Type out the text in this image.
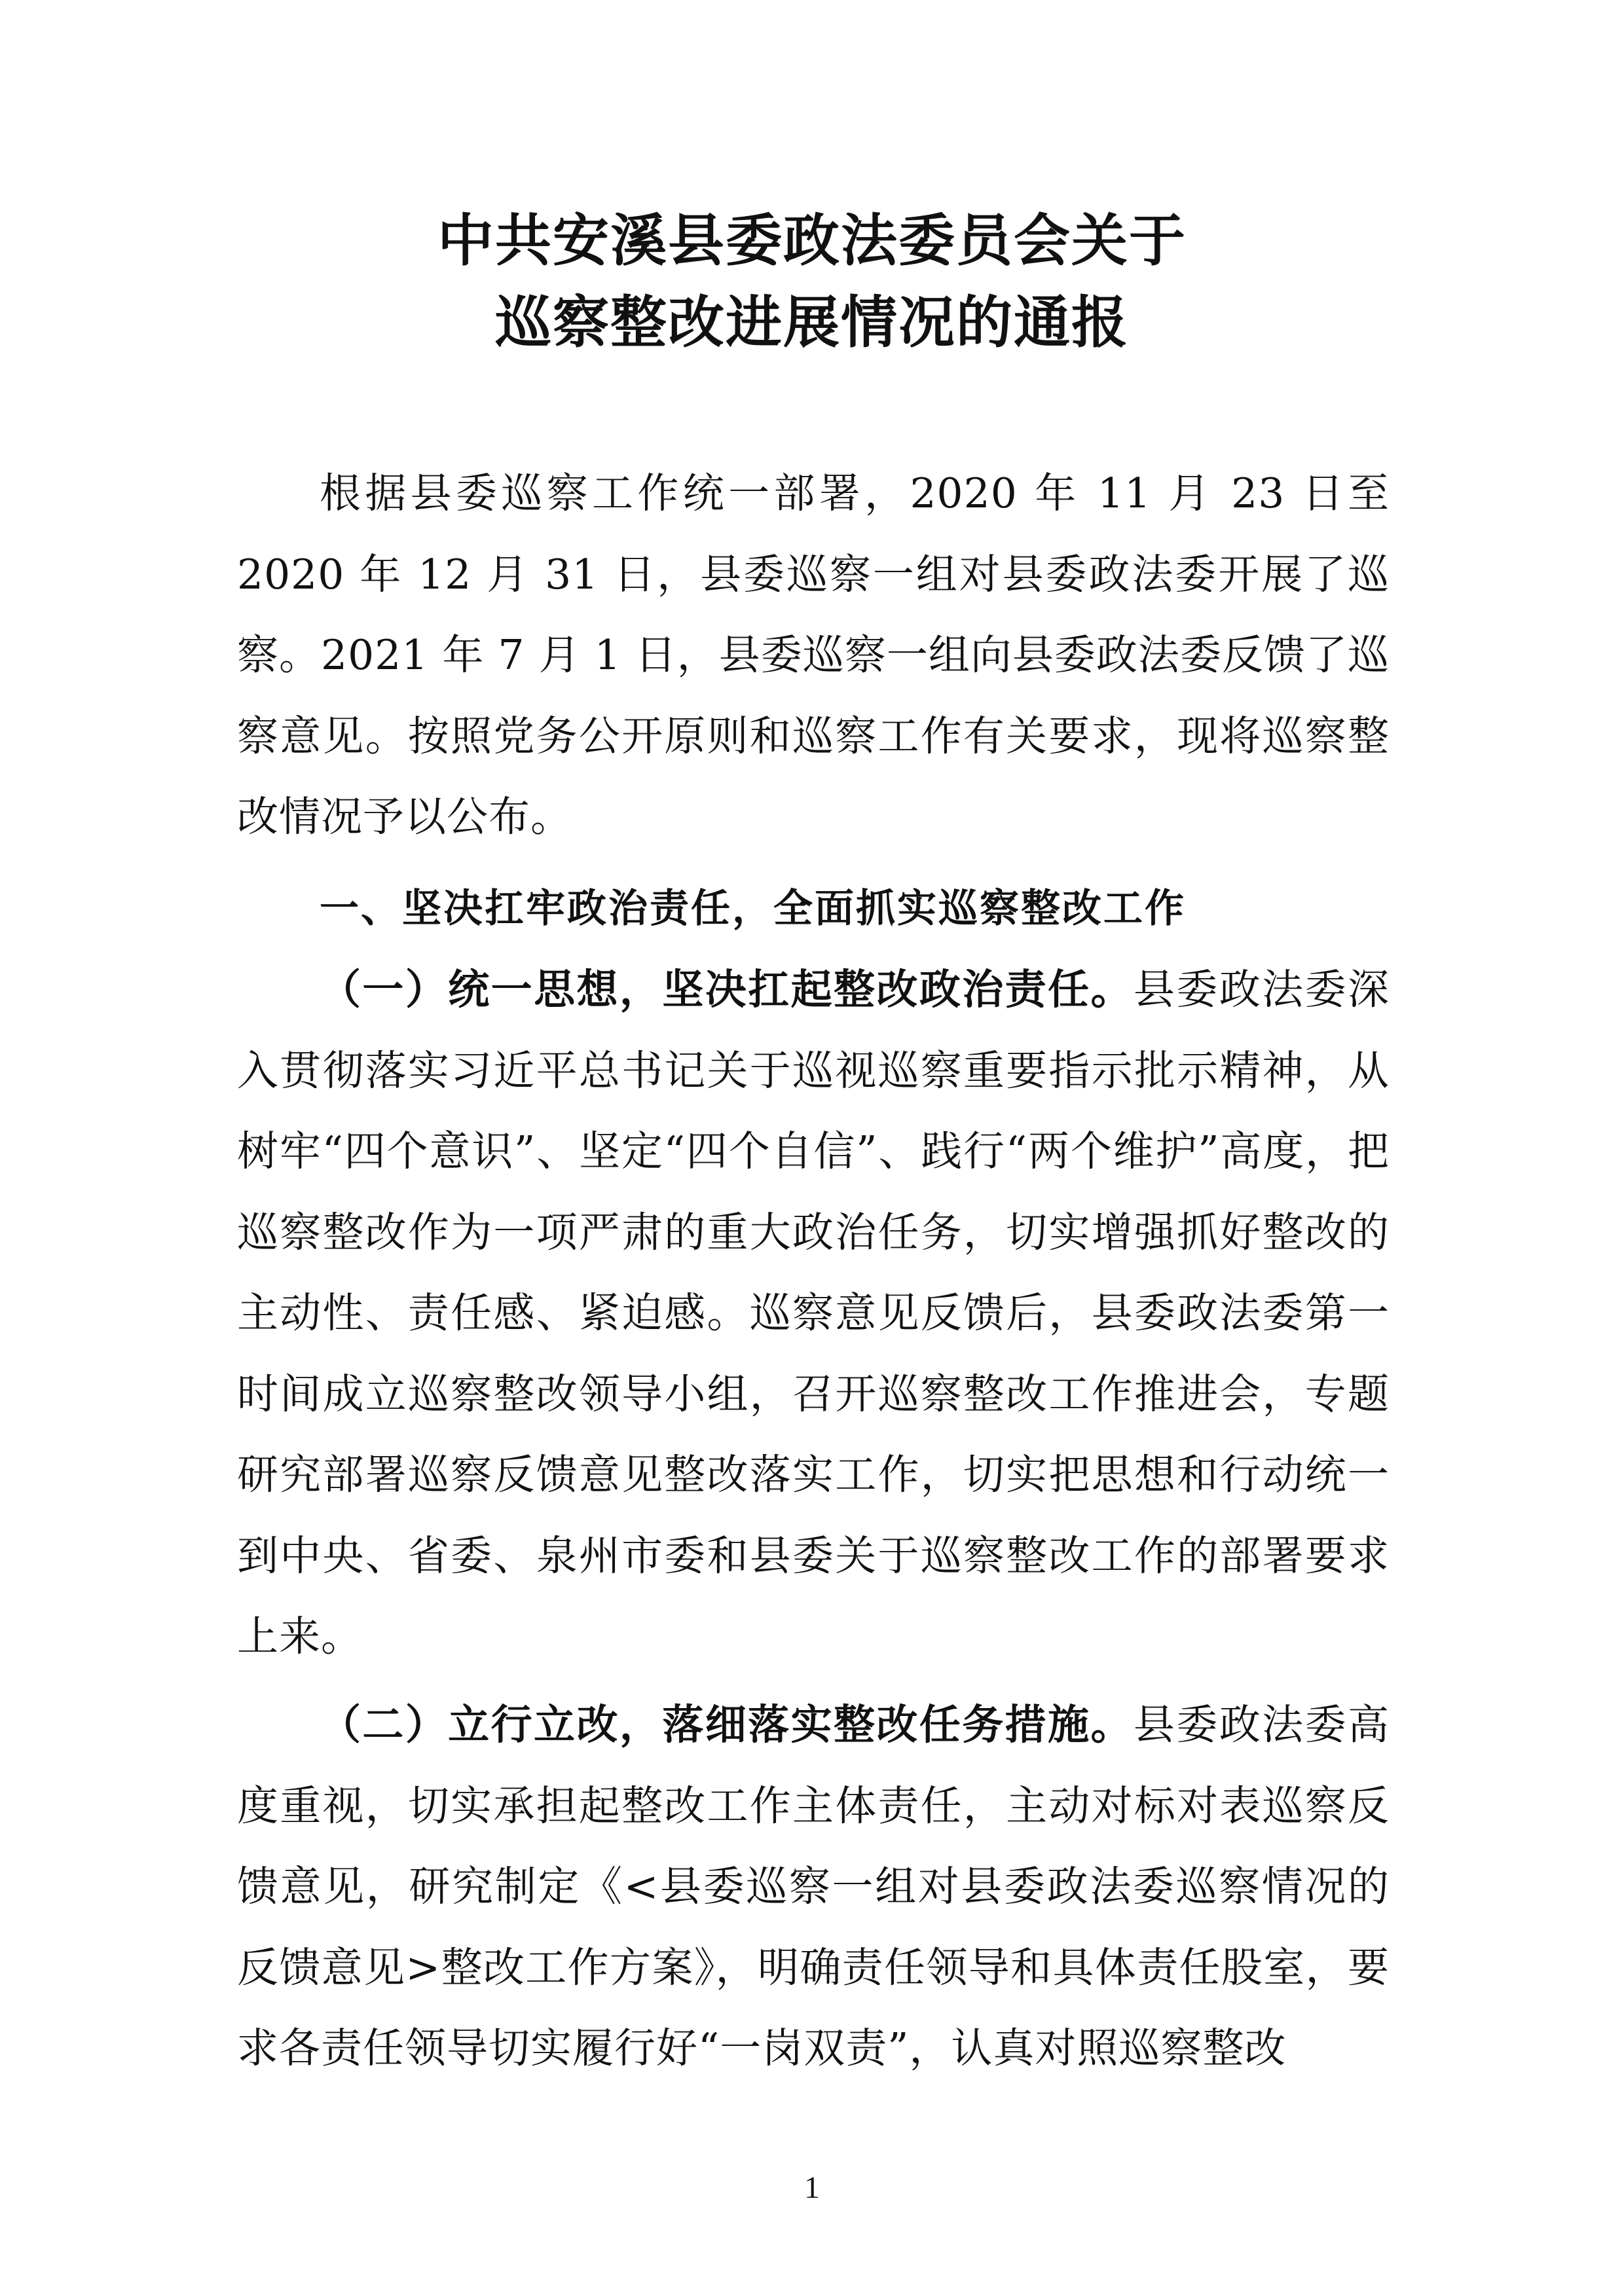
中共安溪县委政法委员会关于
巡察整改进展情况的通报

根据县委巡察工作统一部署，2020 年 11 月 23 日至 2020 年 12 月 31 日，县委巡察一组对县委政法委开展了巡察。2021 年 7 月 1 日，县委巡察一组向县委政法委反馈了巡察意见。按照党务公开原则和巡察工作有关要求，现将巡察整改情况予以公布。

一、坚决扛牢政治责任，全面抓实巡察整改工作

（一）统一思想，坚决扛起整改政治责任。县委政法委深入贯彻落实习近平总书记关于巡视巡察重要指示批示精神，从树牢“四个意识”、坚定“四个自信”、践行“两个维护”高度，把巡察整改作为一项严肃的重大政治任务，切实增强抓好整改的主动性、责任感、紧迫感。巡察意见反馈后，县委政法委第一时间成立巡察整改领导小组，召开巡察整改工作推进会，专题研究部署巡察反馈意见整改落实工作，切实把思想和行动统一到中央、省委、泉州市委和县委关于巡察整改工作的部署要求上来。

（二）立行立改，落细落实整改任务措施。县委政法委高度重视，切实承担起整改工作主体责任，主动对标对表巡察反馈意见，研究制定《<县委巡察一组对县委政法委巡察情况的反馈意见>整改工作方案》，明确责任领导和具体责任股室，要求各责任领导切实履行好“一岗双责”，认真对照巡察整改

1
